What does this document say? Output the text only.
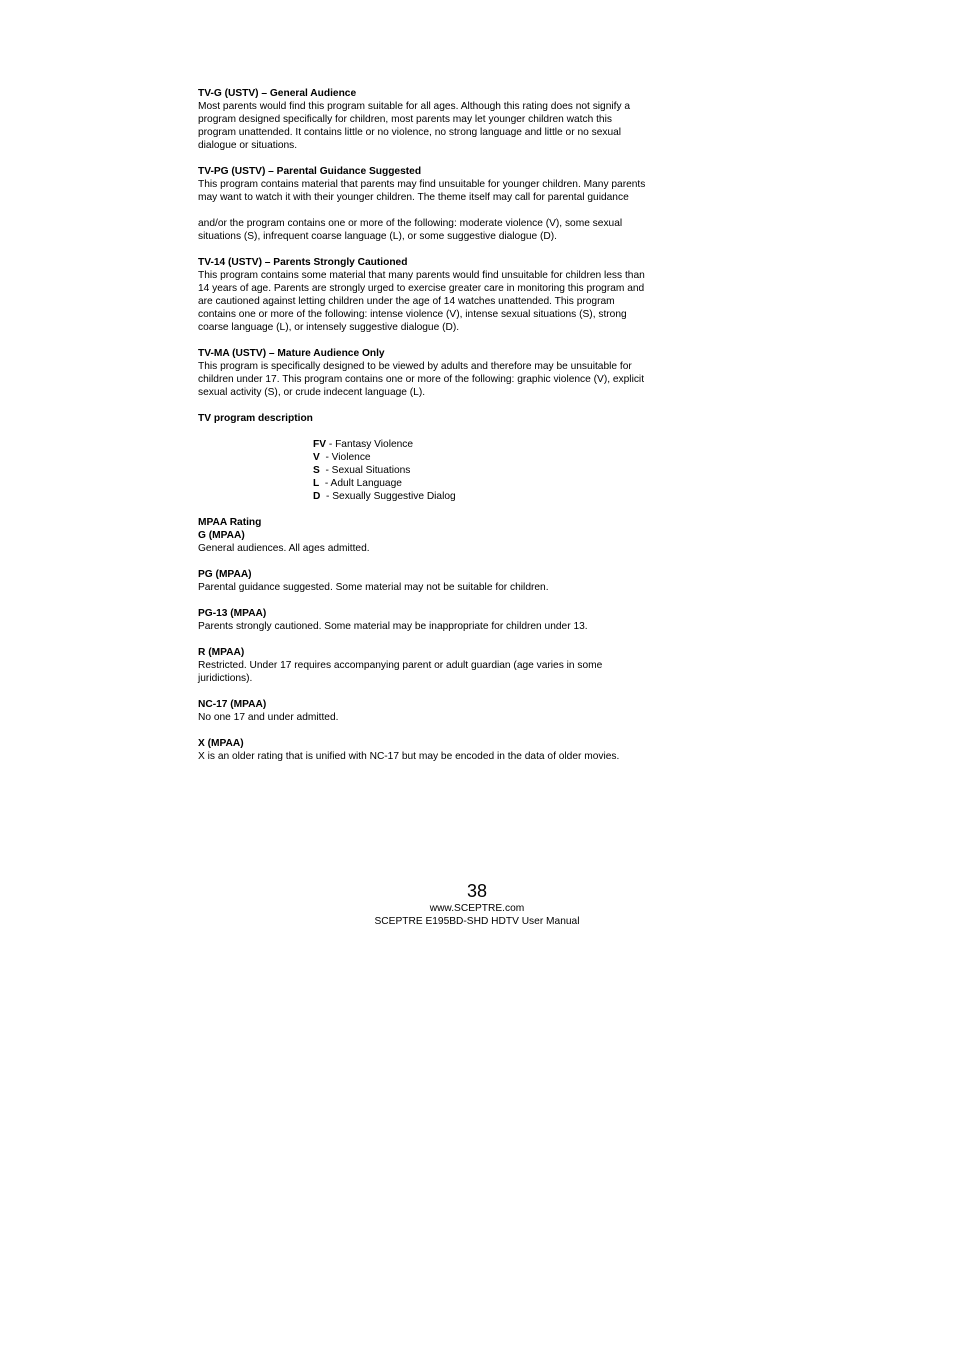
TV-G (USTV) – General Audience
Most parents would find this program suitable for all ages. Although this rating does not signify a
program designed specifically for children, most parents may let younger children watch this
program unattended. It contains little or no violence, no strong language and little or no sexual
dialogue or situations.
TV-PG (USTV) – Parental Guidance Suggested
This program contains material that parents may find unsuitable for younger children. Many parents
may want to watch it with their younger children. The theme itself may call for parental guidance
and/or the program contains one or more of the following: moderate violence (V), some sexual
situations (S), infrequent coarse language (L), or some suggestive dialogue (D).
TV-14 (USTV) – Parents Strongly Cautioned
This program contains some material that many parents would find unsuitable for children less than
14 years of age. Parents are strongly urged to exercise greater care in monitoring this program and
are cautioned against letting children under the age of 14 watches unattended. This program
contains one or more of the following: intense violence (V), intense sexual situations (S), strong
coarse language (L), or intensely suggestive dialogue (D).
TV-MA (USTV) – Mature Audience Only
This program is specifically designed to be viewed by adults and therefore may be unsuitable for
children under 17. This program contains one or more of the following: graphic violence (V), explicit
sexual activity (S), or crude indecent language (L).
TV program description
FV - Fantasy Violence
V  - Violence
S  - Sexual Situations
L  - Adult Language
D  - Sexually Suggestive Dialog
MPAA Rating
G (MPAA)
General audiences. All ages admitted.
PG (MPAA)
Parental guidance suggested. Some material may not be suitable for children.
PG-13 (MPAA)
Parents strongly cautioned. Some material may be inappropriate for children under 13.
R (MPAA)
Restricted. Under 17 requires accompanying parent or adult guardian (age varies in some
juridictions).
NC-17 (MPAA)
No one 17 and under admitted.
X (MPAA)
X is an older rating that is unified with NC-17 but may be encoded in the data of older movies.
38
www.SCEPTRE.com
SCEPTRE E195BD-SHD HDTV User Manual
